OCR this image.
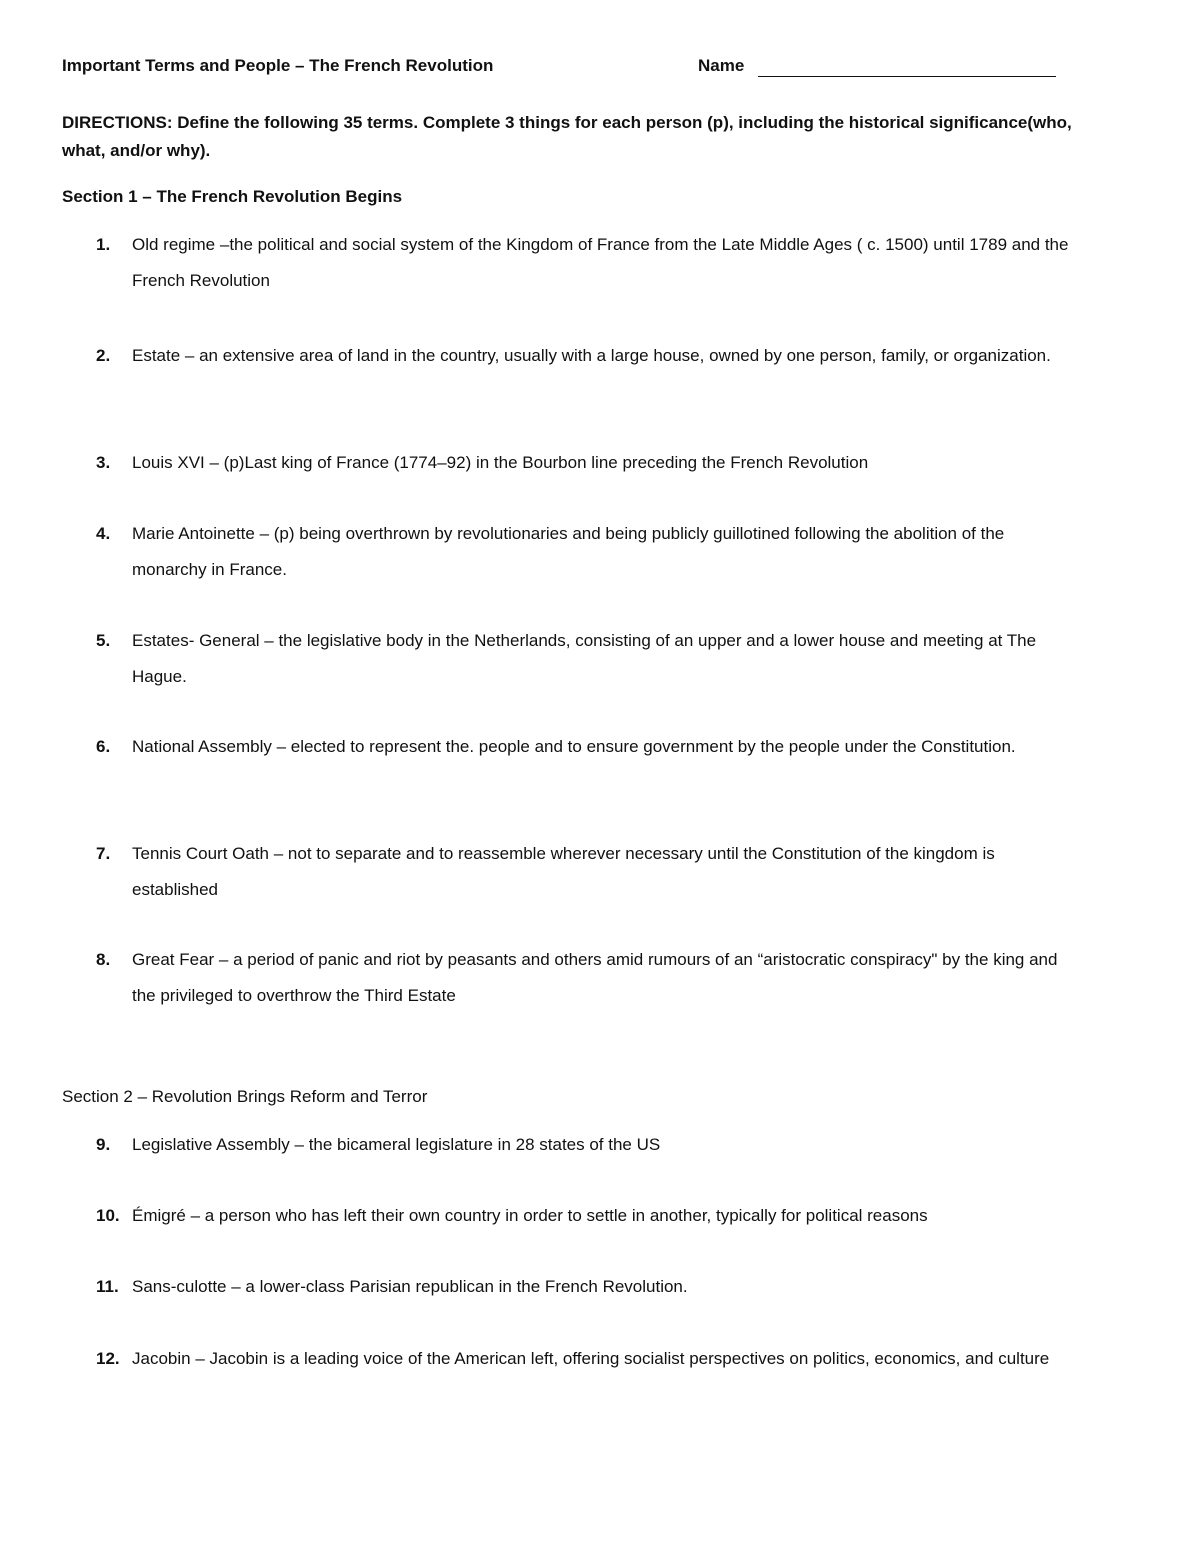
Important Terms and People – The French Revolution	Name
DIRECTIONS: Define the following 35 terms. Complete 3 things for each person (p), including the historical significance(who, what, and/or why).
Section 1 – The French Revolution Begins
1.	Old regime –the political and social system of the Kingdom of France from the Late Middle Ages ( c. 1500) until 1789 and the French Revolution
2.	Estate – an extensive area of land in the country, usually with a large house, owned by one person, family, or organization.
3.	Louis XVI – (p)Last king of France (1774–92) in the Bourbon line preceding the French Revolution
4.	Marie Antoinette – (p) being overthrown by revolutionaries and being publicly guillotined following the abolition of the monarchy in France.
5.	Estates- General – the legislative body in the Netherlands, consisting of an upper and a lower house and meeting at The Hague.
6.	National Assembly – elected to represent the. people and to ensure government by the people under the Constitution.
7.	Tennis Court Oath – not to separate and to reassemble wherever necessary until the Constitution of the kingdom is established
8.	Great Fear – a period of panic and riot by peasants and others amid rumours of an “aristocratic conspiracy" by the king and the privileged to overthrow the Third Estate
Section 2 – Revolution Brings Reform and Terror
9.	Legislative Assembly – the bicameral legislature in 28 states of the US
10. Émigré – a person who has left their own country in order to settle in another, typically for political reasons
11. Sans-culotte – a lower-class Parisian republican in the French Revolution.
12. Jacobin – Jacobin is a leading voice of the American left, offering socialist perspectives on politics, economics, and culture
